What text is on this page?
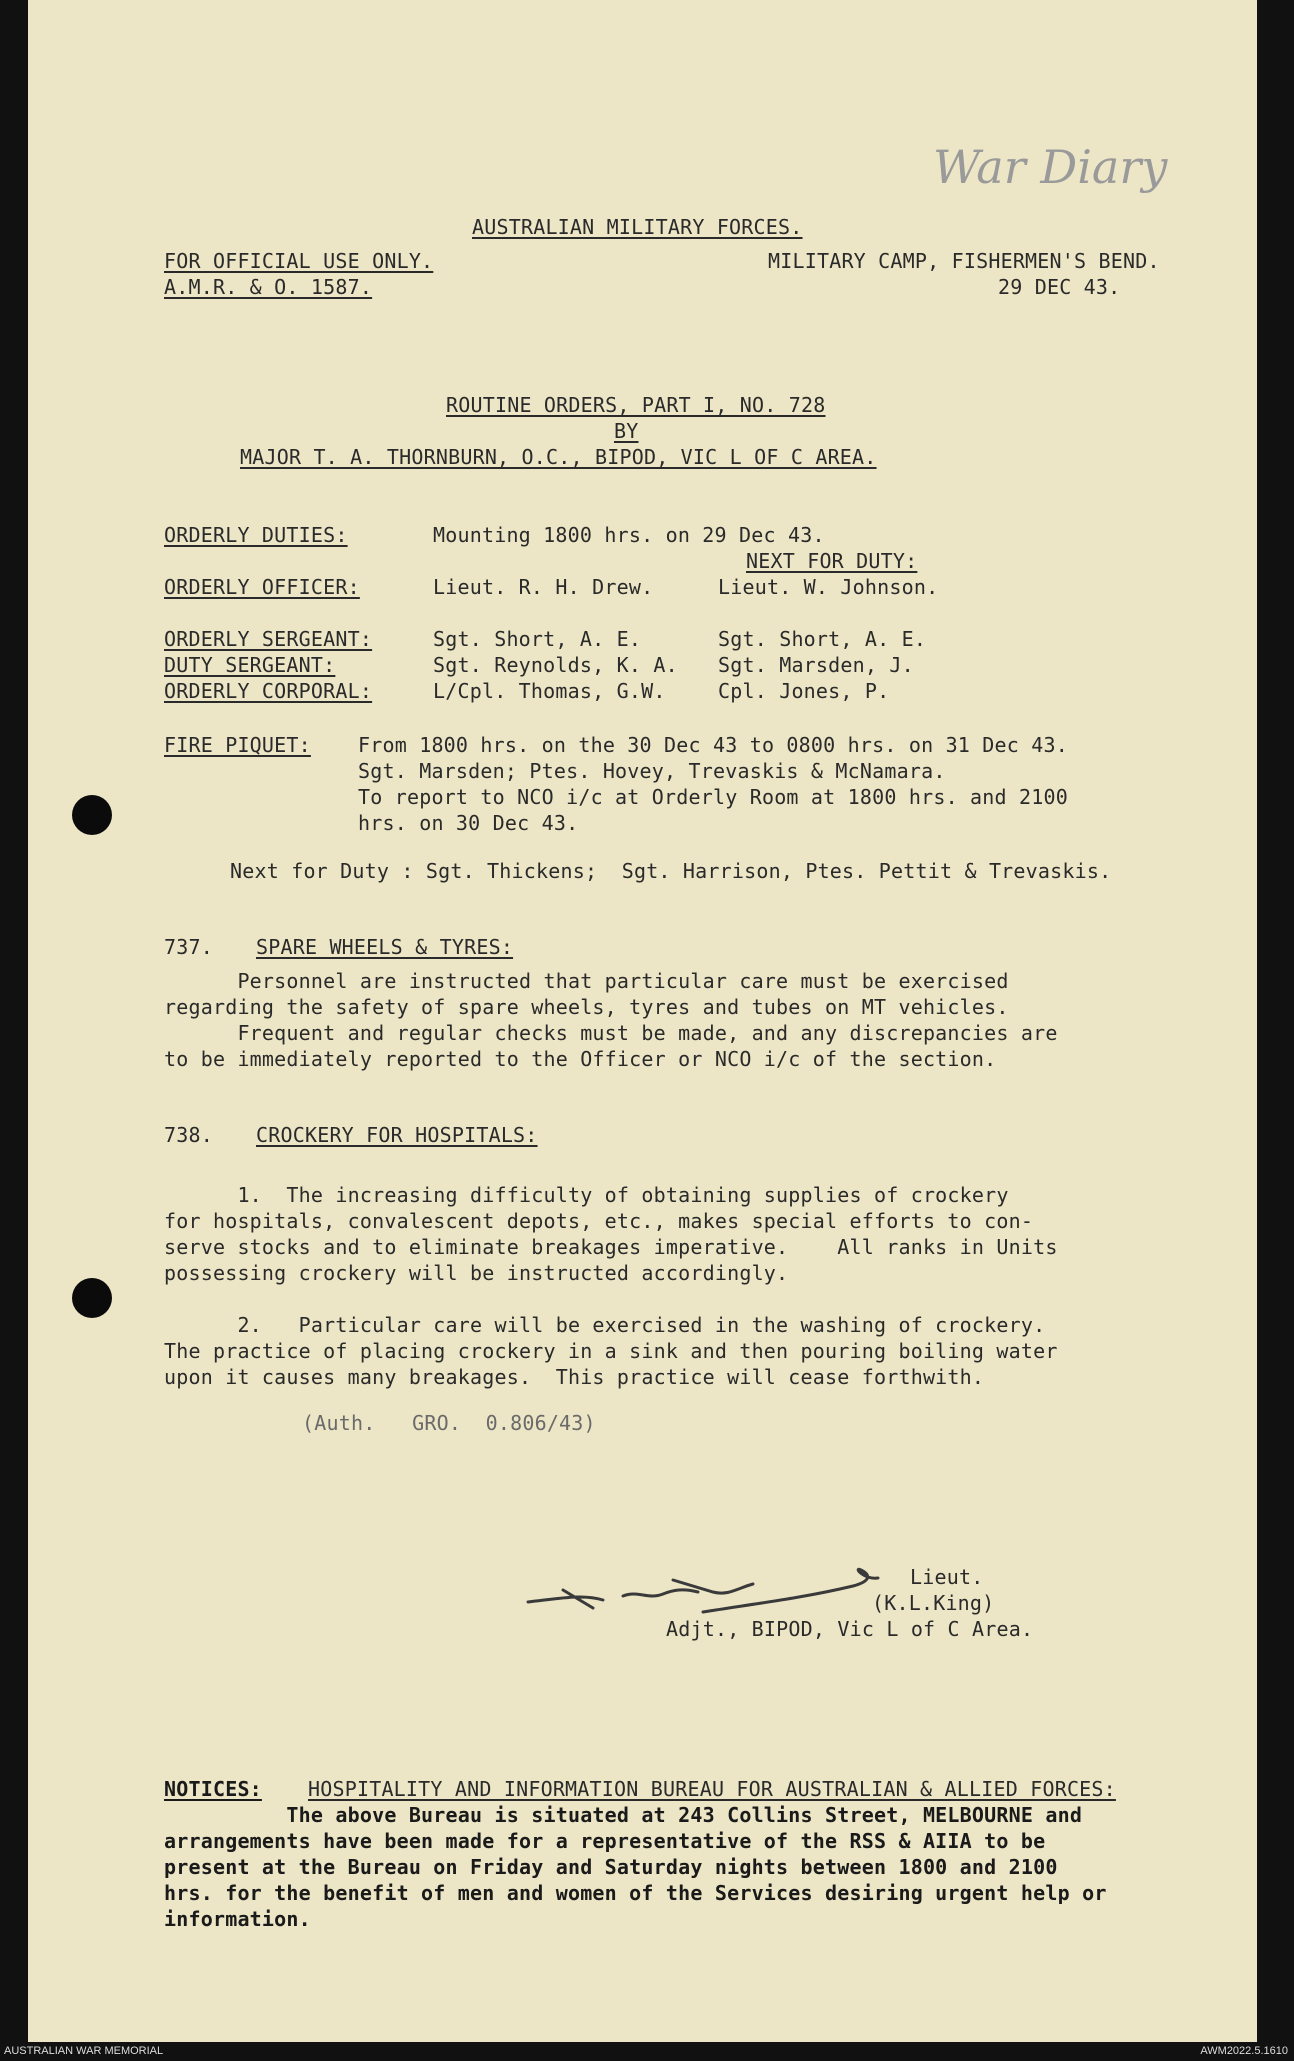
War Diary
AUSTRALIAN MILITARY FORCES.
FOR OFFICIAL USE ONLY.
A.M.R. & O. 1587.
MILITARY CAMP, FISHERMEN'S BEND.
29 DEC 43.
ROUTINE ORDERS, PART I, NO. 728
BY
MAJOR T. A. THORNBURN, O.C., BIPOD, VIC L OF C AREA.
ORDERLY DUTIES:	Mounting 1800 hrs. on 29 Dec 43.
NEXT FOR DUTY:
ORDERLY OFFICER:	Lieut. R. H. Drew.	Lieut. W. Johnson.
ORDERLY SERGEANT:	Sgt. Short, A. E.	Sgt. Short, A. E.
DUTY SERGEANT:	Sgt. Reynolds, K. A. Sgt. Marsden, J.
ORDERLY CORPORAL:	L/Cpl. Thomas, G.W.	Cpl. Jones, P.
FIRE PIQUET: From 1800 hrs. on the 30 Dec 43 to 0800 hrs. on 31 Dec 43.
Sgt. Marsden; Ptes. Hovey, Trevaskis & McNamara.
To report to NCO i/c at Orderly Room at 1800 hrs. and 2100
hrs. on 30 Dec 43.
Next for Duty : Sgt. Thickens;  Sgt. Harrison, Ptes. Pettit & Trevaskis.
737. SPARE WHEELS & TYRES:
Personnel are instructed that particular care must be exercised
regarding the safety of spare wheels, tyres and tubes on MT vehicles.
Frequent and regular checks must be made, and any discrepancies are
to be immediately reported to the Officer or NCO i/c of the section.
738. CROCKERY FOR HOSPITALS:
1.  The increasing difficulty of obtaining supplies of crockery
for hospitals, convalescent depots, etc., makes special efforts to con-
serve stocks and to eliminate breakages imperative.    All ranks in Units
possessing crockery will be instructed accordingly.
2.   Particular care will be exercised in the washing of crockery.
The practice of placing crockery in a sink and then pouring boiling water
upon it causes many breakages.  This practice will cease forthwith.
(Auth.   GRO.  0.806/43)
Lieut.
(K.L.King)
Adjt., BIPOD, Vic L of C Area.
NOTICES: HOSPITALITY AND INFORMATION BUREAU FOR AUSTRALIAN & ALLIED FORCES:
The above Bureau is situated at 243 Collins Street, MELBOURNE and
arrangements have been made for a representative of the RSS & AIIA to be
present at the Bureau on Friday and Saturday nights between 1800 and 2100
hrs. for the benefit of men and women of the Services desiring urgent help or
information.
AUSTRALIAN WAR MEMORIAL	AWM2022.5.1610
